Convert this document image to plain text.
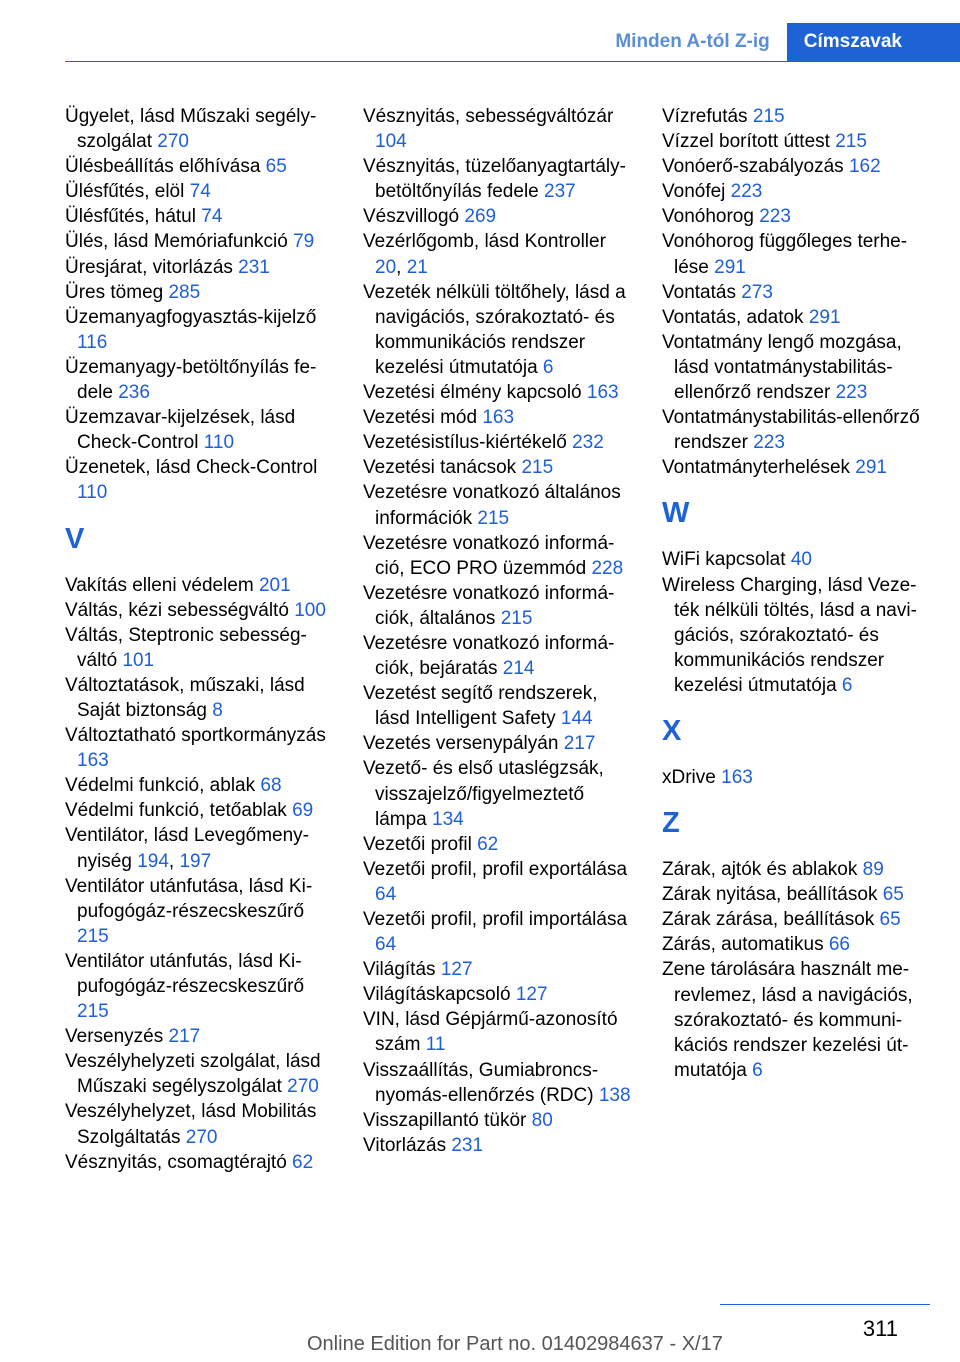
Minden A-tól Z-ig	Címszavak
Ügyelet, lásd Műszaki segélyszolgálat 270
Ülésbeállítás előhívása 65
Ülésfűtés, elöl 74
Ülésfűtés, hátul 74
Ülés, lásd Memóriafunkció 79
Üresjárat, vitorlázás 231
Üres tömeg 285
Üzemanyagfogyasztás-kijelző 116
Üzemanyagy-betöltőnyílás fedele 236
Üzemzavar-kijelzések, lásd Check-Control 110
Üzenetek, lásd Check-Control 110
V
Vakítás elleni védelem 201
Váltás, kézi sebességváltó 100
Váltás, Steptronic sebességváltó 101
Változtatások, műszaki, lásd Saját biztonság 8
Változtatható sportkormányzás 163
Védelmi funkció, ablak 68
Védelmi funkció, tetőablak 69
Ventilátor, lásd Levegőmenynyiség 194, 197
Ventilátor utánfutása, lásd Kipufogógáz-részecskeszűrő 215
Ventilátor utánfutás, lásd Kipufogógáz-részecskeszűrő 215
Versenyzés 217
Veszélyhelyzeti szolgálat, lásd Műszaki segélyszolgálat 270
Veszélyhelyzet, lásd Mobilitás Szolgáltatás 270
Vésznyitás, csomagtérajtó 62
Vésznyitás, sebességváltózár 104
Vésznyitás, tüzelőanyagtartály-betöltőnyílás fedele 237
Vészvillogó 269
Vezérlőgomb, lásd Kontroller 20, 21
Vezeték nélküli töltőhely, lásd a navigációs, szórakoztató- és kommunikációs rendszer kezelési útmutatója 6
Vezetési élmény kapcsoló 163
Vezetési mód 163
Vezetésistílus-kiértékelő 232
Vezetési tanácsok 215
Vezetésre vonatkozó általános információk 215
Vezetésre vonatkozó információ, ECO PRO üzemmód 228
Vezetésre vonatkozó információk, általános 215
Vezetésre vonatkozó információk, bejáratás 214
Vezetést segítő rendszerek, lásd Intelligent Safety 144
Vezetés versenypályán 217
Vezető- és első utaslégzsák, visszajelző/figyelmeztető lámpa 134
Vezetői profil 62
Vezetői profil, profil exportálása 64
Vezetői profil, profil importálása 64
Világítás 127
Világításkapcsoló 127
VIN, lásd Gépjármű-azonosító szám 11
Visszaállítás, Gumiabroncsnyomás-ellenőrzés (RDC) 138
Visszapillantó tükör 80
Vitorlázás 231
Vízrefutás 215
Vízzel borított úttest 215
Vonóerő-szabályozás 162
Vonófej 223
Vonóhorog 223
Vonóhorog függőleges terhelése 291
Vontatás 273
Vontatás, adatok 291
Vontatmány lengő mozgása, lásd vontatmánystabilitás-ellenőrző rendszer 223
Vontatmánystabilitás-ellenőrző rendszer 223
Vontatmányterhelések 291
W
WiFi kapcsolat 40
Wireless Charging, lásd Vezeték nélküli töltés, lásd a navigációs, szórakoztató- és kommunikációs rendszer kezelési útmutatója 6
X
xDrive 163
Z
Zárak, ajtók és ablakok 89
Zárak nyitása, beállítások 65
Zárak zárása, beállítások 65
Zárás, automatikus 66
Zene tárolására használt merevlemez, lásd a navigációs, szórakoztató- és kommunikációs rendszer kezelési útmutatója 6
311
Online Edition for Part no. 01402984637 - X/17
